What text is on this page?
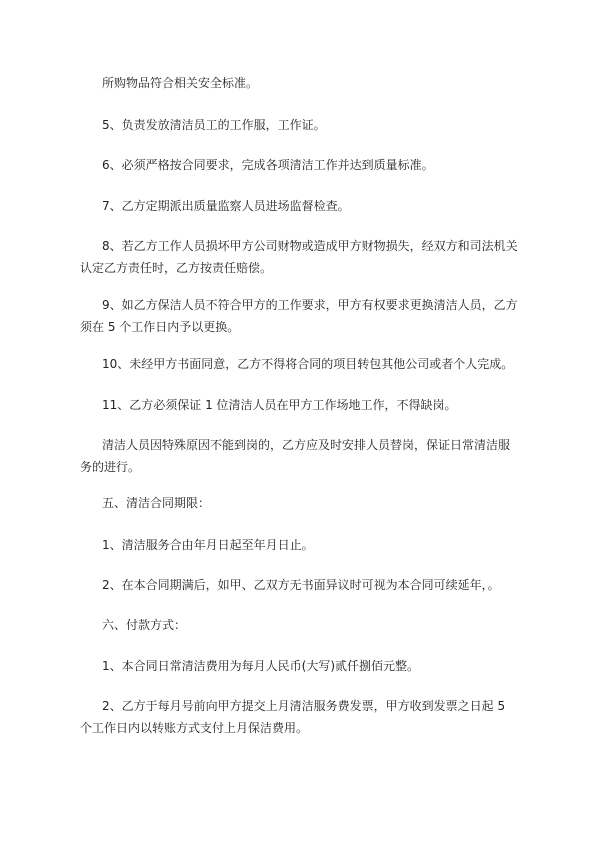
所购物品符合相关安全标准。

5、负责发放清洁员工的工作服，工作证。

6、必须严格按合同要求，完成各项清洁工作并达到质量标准。

7、乙方定期派出质量监察人员进场监督检查。

8、若乙方工作人员损坏甲方公司财物或造成甲方财物损失，经双方和司法机关认定乙方责任时，乙方按责任赔偿。

9、如乙方保洁人员不符合甲方的工作要求，甲方有权要求更换清洁人员，乙方须在 5 个工作日内予以更换。

10、未经甲方书面同意，乙方不得将合同的项目转包其他公司或者个人完成。

11、乙方必须保证 1 位清洁人员在甲方工作场地工作，不得缺岗。

清洁人员因特殊原因不能到岗的，乙方应及时安排人员替岗，保证日常清洁服务的进行。

五、清洁合同期限：

1、清洁服务合由年月日起至年月日止。

2、在本合同期满后，如甲、乙双方无书面异议时可视为本合同可续延年，。

六、付款方式：

1、本合同日常清洁费用为每月人民币(大写)贰仟捌佰元整。

2、乙方于每月号前向甲方提交上月清洁服务费发票，甲方收到发票之日起 5 个工作日内以转账方式支付上月保洁费用。
